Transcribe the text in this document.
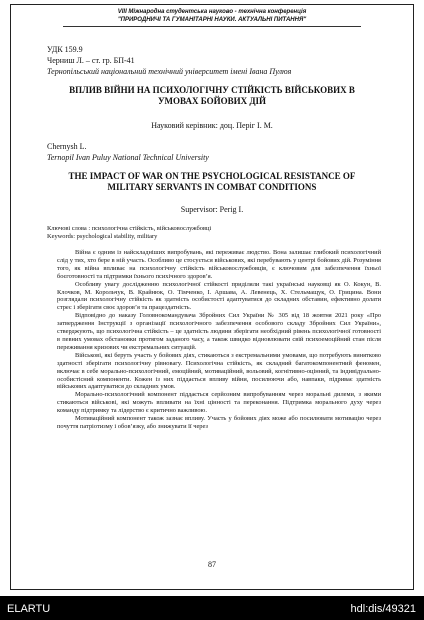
VIII Міжнародна студентська науково - технічна конференція
"ПРИРОДНИЧІ ТА ГУМАНІТАРНІ НАУКИ. АКТУАЛЬНІ ПИТАННЯ"
УДК 159.9
Черниш Л. – ст. гр. БП-41
Тернопільський національний технічний університет імені Івана Пулюя
ВПЛИВ ВІЙНИ НА ПСИХОЛОГІЧНУ СТІЙКІСТЬ ВІЙСЬКОВИХ В
УМОВАХ БОЙОВИХ ДІЙ
Науковий керівник: доц. Періг І. М.
Chernysh L.
Ternopil Ivan Puluy National Technical University
THE IMPACT OF WAR ON THE PSYCHOLOGICAL RESISTANCE OF
MILITARY SERVANTS IN COMBAT CONDITIONS
Supervisor: Perig I.
Ключові слова : психологічна стійкість, військовослужбовці
Keywords: psychological stability, military

Війна є одним із найскладніших випробувань, які переживає людство. Вона залишає глибокий психологічний слід у тих, хто бере в ній участь. Особливо це стосується військових, які перебувають у центрі бойових дій. Розуміння того, як війна впливає на психологічну стійкість військовослужбовців, є ключовим для забезпечення їхньої боєготовності та підтримки їхнього психічного здоров’я.

Особливу увагу дослідженню психологічної стійкості приділяли такі українські науковці як О. Кокун, В. Клочков, М. Корольчук, В. Крайнюк, О. Тімченко, І. Аршава, А. Левенець, Х. Стельмащук, О. Грицина. Вони розглядали психологічну стійкість як здатність особистості адаптуватися до складних обставин, ефективно долати стрес і зберігати своє здоров’я та працездатність.

Відповідно до наказу Головнокомандувача Збройних Сил України № 305 від 18 жовтня 2021 року «Про затвердження Інструкції з організації психологічного забезпечення особового складу Збройних Сил України», стверджують, що психологічна стійкість – це здатність людини зберігати необхідний рівень психологічної готовності в певних умовах обстановки протягом заданого часу, а також швидко відновлювати свій психоемоційний стан після переживання кризових чи екстремальних ситуацій.

Військові, які беруть участь у бойових діях, стикаються з екстремальними умовами, що потребують винятково здатності зберігати психологічну рівновагу. Психологічна стійкість, як складний багатокомпонентний феномен, включає в себе морально-психологічний, емоційний, мотиваційний, вольовий, когнітивно-оцінний, та індивідуально-особистісний компоненти. Кожен із них піддається впливу війни, посилюючи або, навпаки, підриває здатність військових адаптуватися до складних умов.

Морально-психологічний компонент піддається серйозним випробуванням через моральні дилеми, з якими стикаються військові, які можуть впливати на їхні цінності та переконання. Підтримка морального духу через команду підтримку та лідерство є критично важливою.

Мотиваційний компонент також зазнає впливу. Участь у бойових діях може або посилювати мотивацію через почуття патріотизму і обов’язку, або знижувати її через

87
ELARTU	hdl:dis/49321
